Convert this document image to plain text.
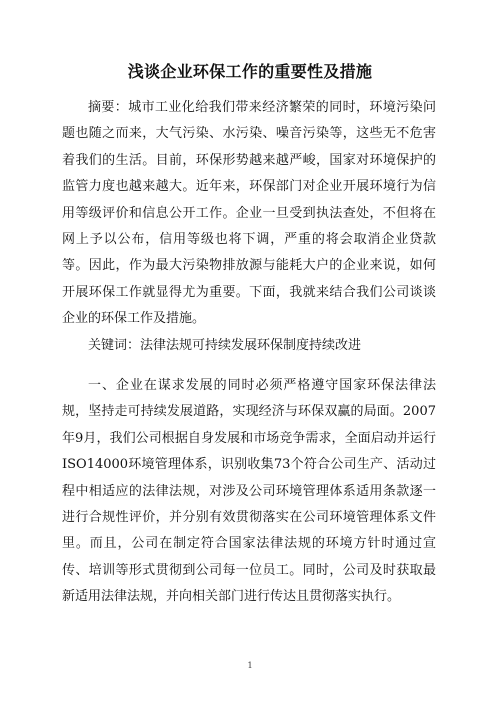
浅谈企业环保工作的重要性及措施

摘要：城市工业化给我们带来经济繁荣的同时，环境污染问题也随之而来，大气污染、水污染、噪音污染等，这些无不危害着我们的生活。目前，环保形势越来越严峻，国家对环境保护的监管力度也越来越大。近年来，环保部门对企业开展环境行为信用等级评价和信息公开工作。企业一旦受到执法查处，不但将在网上予以公布，信用等级也将下调，严重的将会取消企业贷款等。因此，作为最大污染物排放源与能耗大户的企业来说，如何开展环保工作就显得尤为重要。下面，我就来结合我们公司谈谈企业的环保工作及措施。

关键词：法律法规可持续发展环保制度持续改进

一、企业在谋求发展的同时必须严格遵守国家环保法律法规，坚持走可持续发展道路，实现经济与环保双赢的局面。2007年9月，我们公司根据自身发展和市场竞争需求，全面启动并运行ISO14000环境管理体系，识别收集73个符合公司生产、活动过程中相适应的法律法规，对涉及公司环境管理体系适用条款逐一进行合规性评价，并分别有效贯彻落实在公司环境管理体系文件里。而且，公司在制定符合国家法律法规的环境方针时通过宣传、培训等形式贯彻到公司每一位员工。同时，公司及时获取最新适用法律法规，并向相关部门进行传达且贯彻落实执行。

1
